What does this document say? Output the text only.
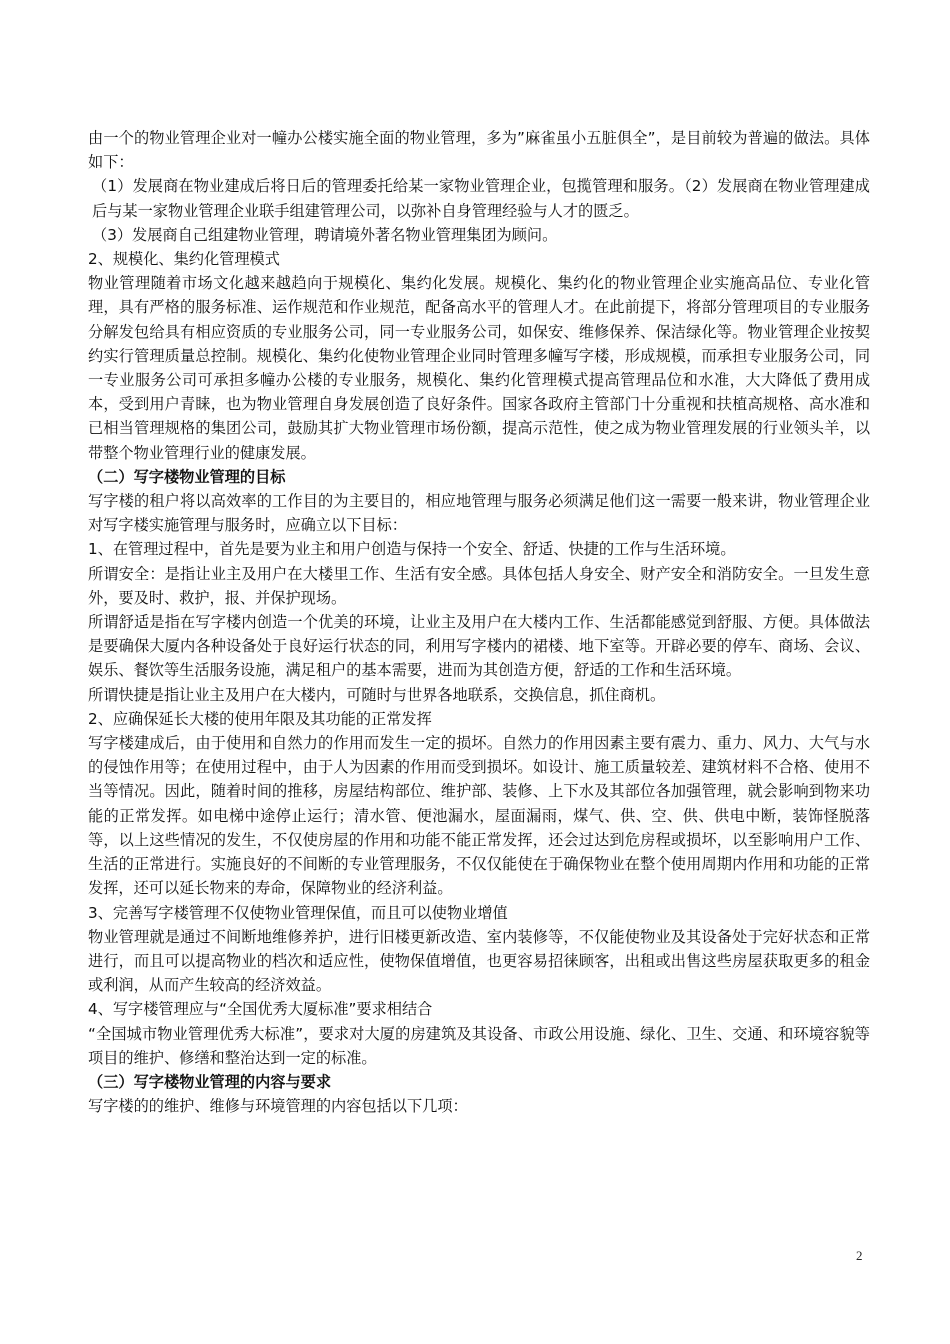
由一个的物业管理企业对一幢办公楼实施全面的物业管理，多为”麻雀虽小五脏俱全”，是目前较为普遍的做法。具体如下：

（1）发展商在物业建成后将日后的管理委托给某一家物业管理企业，包揽管理和服务。（2）发展商在物业管理建成后与某一家物业管理企业联手组建管理公司，以弥补自身管理经验与人才的匮乏。

（3）发展商自己组建物业管理，聘请境外著名物业管理集团为顾问。

2、规模化、集约化管理模式

物业管理随着市场文化越来越趋向于规模化、集约化发展。规模化、集约化的物业管理企业实施高品位、专业化管理，具有严格的服务标准、运作规范和作业规范，配备高水平的管理人才。在此前提下，将部分管理项目的专业服务分解发包给具有相应资质的专业服务公司，同一专业服务公司，如保安、维修保养、保洁绿化等。物业管理企业按契约实行管理质量总控制。规模化、集约化使物业管理企业同时管理多幢写字楼，形成规模，而承担专业服务公司，同一专业服务公司可承担多幢办公楼的专业服务，规模化、集约化管理模式提高管理品位和水准，大大降低了费用成本，受到用户青睐，也为物业管理自身发展创造了良好条件。国家各政府主管部门十分重视和扶植高规格、高水准和已相当管理规格的集团公司，鼓励其扩大物业管理市场份额，提高示范性，使之成为物业管理发展的行业领头羊，以带整个物业管理行业的健康发展。

（二）写字楼物业管理的目标

写字楼的租户将以高效率的工作目的为主要目的，相应地管理与服务必须满足他们这一需要一般来讲，物业管理企业对写字楼实施管理与服务时，应确立以下目标：

1、在管理过程中，首先是要为业主和用户创造与保持一个安全、舒适、快捷的工作与生活环境。

所谓安全：是指让业主及用户在大楼里工作、生活有安全感。具体包括人身安全、财产安全和消防安全。一旦发生意外，要及时、救护，报、并保护现场。

所谓舒适是指在写字楼内创造一个优美的环境，让业主及用户在大楼内工作、生活都能感觉到舒服、方便。具体做法是要确保大厦内各种设备处于良好运行状态的同，利用写字楼内的裙楼、地下室等。开辟必要的停车、商场、会议、娱乐、餐饮等生活服务设施，满足租户的基本需要，进而为其创造方便，舒适的工作和生活环境。

所谓快捷是指让业主及用户在大楼内，可随时与世界各地联系，交换信息，抓住商机。

2、应确保延长大楼的使用年限及其功能的正常发挥

写字楼建成后，由于使用和自然力的作用而发生一定的损坏。自然力的作用因素主要有震力、重力、风力、大气与水的侵蚀作用等；在使用过程中，由于人为因素的作用而受到损坏。如设计、施工质量较差、建筑材料不合格、使用不当等情况。因此，随着时间的推移，房屋结构部位、维护部、装修、上下水及其部位各加强管理，就会影响到物来功能的正常发挥。如电梯中途停止运行；清水管、便池漏水，屋面漏雨，煤气、供、空、供、供电中断，装饰怪脱落等，以上这些情况的发生，不仅使房屋的作用和功能不能正常发挥，还会过达到危房程或损坏，以至影响用户工作、生活的正常进行。实施良好的不间断的专业管理服务，不仅仅能使在于确保物业在整个使用周期内作用和功能的正常发挥，还可以延长物来的寿命，保障物业的经济利益。

3、完善写字楼管理不仅使物业管理保值，而且可以使物业增值

物业管理就是通过不间断地维修养护，进行旧楼更新改造、室内装修等，不仅能使物业及其设备处于完好状态和正常进行，而且可以提高物业的档次和适应性，使物保值增值，也更容易招徕顾客，出租或出售这些房屋获取更多的租金或利润，从而产生较高的经济效益。

4、写字楼管理应与“全国优秀大厦标准”要求相结合

“全国城市物业管理优秀大标准”，要求对大厦的房建筑及其设备、市政公用设施、绿化、卫生、交通、和环境容貌等项目的维护、修缮和整治达到一定的标准。

（三）写字楼物业管理的内容与要求

写字楼的的维护、维修与环境管理的内容包括以下几项：

2
